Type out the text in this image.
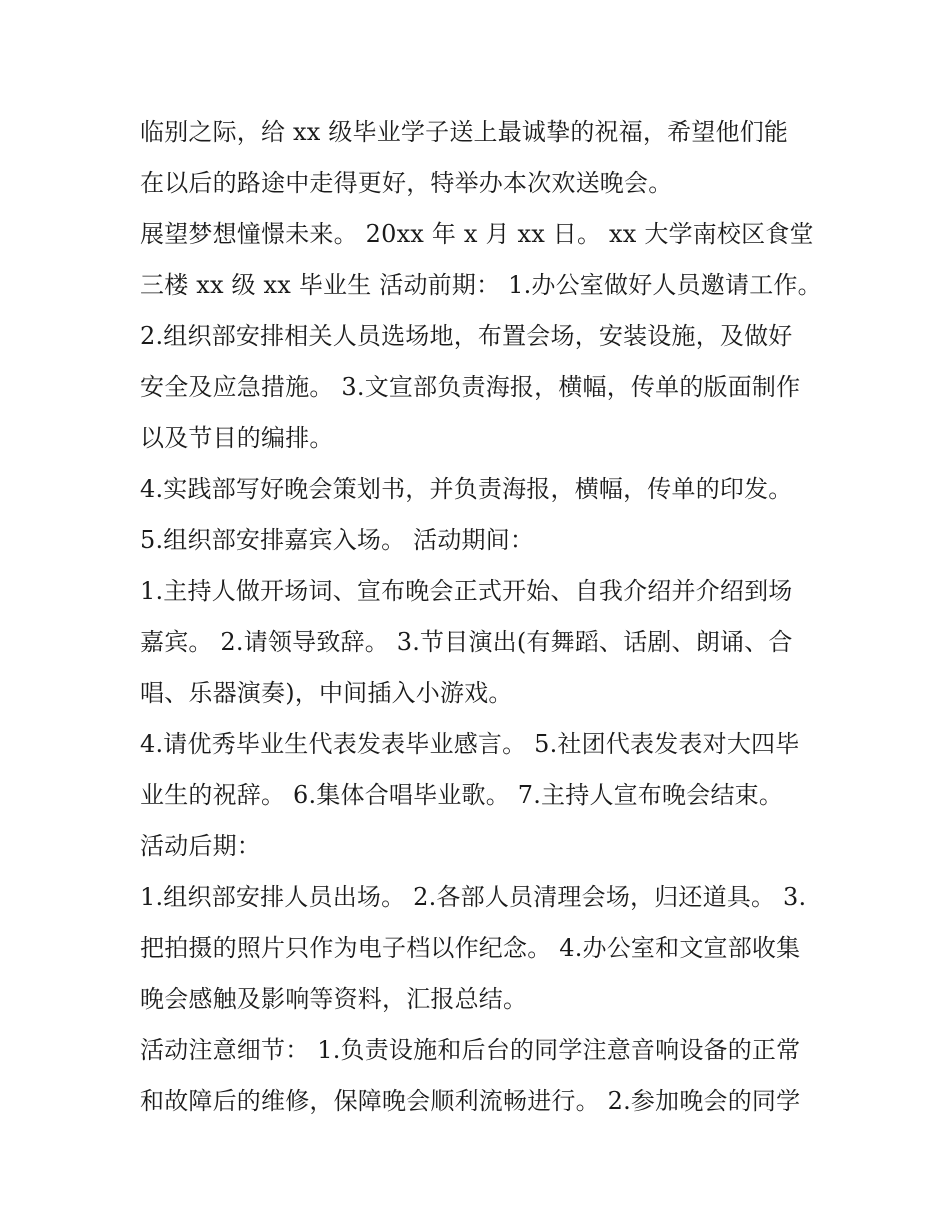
临别之际，给 xx 级毕业学子送上最诚挚的祝福，希望他们能
在以后的路途中走得更好，特举办本次欢送晚会。
展望梦想憧憬未来。 20xx 年 x 月 xx 日。 xx 大学南校区食堂
三楼 xx 级 xx 毕业生 活动前期： 1.办公室做好人员邀请工作。
2.组织部安排相关人员选场地，布置会场，安装设施，及做好
安全及应急措施。 3.文宣部负责海报，横幅，传单的版面制作
以及节目的编排。
4.实践部写好晚会策划书，并负责海报，横幅，传单的印发。
5.组织部安排嘉宾入场。 活动期间：
1.主持人做开场词、宣布晚会正式开始、自我介绍并介绍到场
嘉宾。 2.请领导致辞。 3.节目演出(有舞蹈、话剧、朗诵、合
唱、乐器演奏)，中间插入小游戏。
4.请优秀毕业生代表发表毕业感言。 5.社团代表发表对大四毕
业生的祝辞。 6.集体合唱毕业歌。 7.主持人宣布晚会结束。
活动后期：
1.组织部安排人员出场。 2.各部人员清理会场，归还道具。 3.
把拍摄的照片只作为电子档以作纪念。 4.办公室和文宣部收集
晚会感触及影响等资料，汇报总结。
活动注意细节： 1.负责设施和后台的同学注意音响设备的正常
和故障后的维修，保障晚会顺利流畅进行。 2.参加晚会的同学
